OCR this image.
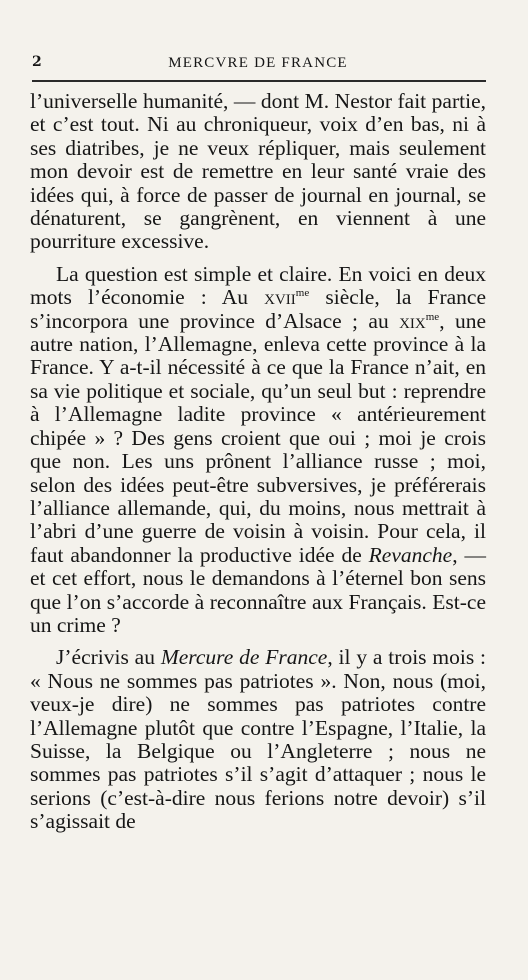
2	MERCVRE DE FRANCE

l’universelle humanité, — dont M. Nestor fait partie, et c’est tout. Ni au chroniqueur, voix d’en bas, ni à ses diatribes, je ne veux répliquer, mais seulement mon devoir est de remettre en leur santé vraie des idées qui, à force de passer de journal en journal, se dénaturent, se gangrènent, en viennent à une pourriture excessive.

La question est simple et claire. En voici en deux mots l’économie : Au xvii$^{me}$ siècle, la France s’incorpora une province d’Alsace ; au xix$^{me}$, une autre nation, l’Allemagne, enleva cette province à la France. Y a-t-il nécessité à ce que la France n’ait, en sa vie politique et sociale, qu’un seul but : reprendre à l’Allemagne ladite province « antérieurement chipée » ? Des gens croient que oui ; moi je crois que non. Les uns prônent l’alliance russe ; moi, selon des idées peut-être subversives, je préférerais l’alliance allemande, qui, du moins, nous mettrait à l’abri d’une guerre de voisin à voisin. Pour cela, il faut abandonner la productive idée de Revanche, — et cet effort, nous le demandons à l’éternel bon sens que l’on s’accorde à reconnaître aux Français. Est-ce un crime ?

J’écrivis au Mercure de France, il y a trois mois : « Nous ne sommes pas patriotes ». Non, nous (moi, veux-je dire) ne sommes pas patriotes contre l’Allemagne plutôt que contre l’Espagne, l’Italie, la Suisse, la Belgique ou l’Angleterre ; nous ne sommes pas patriotes s’il s’agit d’attaquer ; nous le serions (c’est-à-dire nous ferions notre devoir) s’il s’agissait de
